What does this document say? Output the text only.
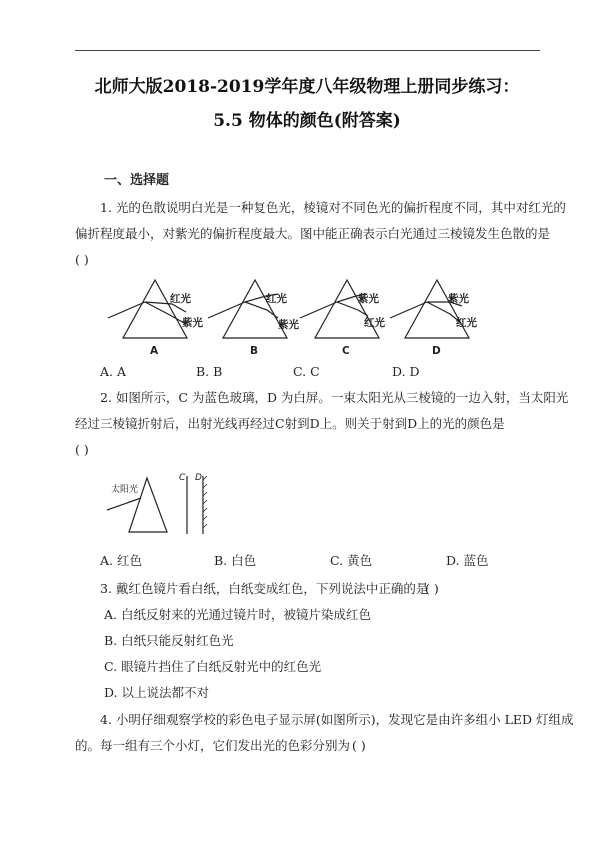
北师大版2018-2019学年度八年级物理上册同步练习：
5.5 物体的颜色(附答案)
一、选择题
1. 光的色散说明白光是一种复色光，棱镜对不同色光的偏折程度不同，其中对红光的
偏折程度最小，对紫光的偏折程度最大。图中能正确表示白光通过三棱镜发生色散的是
( )
红光
紫光
A
红光
紫光
B
紫光
红光
C
紫光
红光
D
A. A	B. B	C. C	D. D
2. 如图所示，C 为蓝色玻璃，D 为白屏。一束太阳光从三棱镜的一边入射，当太阳光
经过三棱镜折射后，出射光线再经过C射到D上。则关于射到D上的光的颜色是
( )
太阳光
C D
A. 红色	B. 白色	C. 黄色	D. 蓝色
3. 戴红色镜片看白纸，白纸变成红色，下列说法中正确的是
( )
A. 白纸反射来的光通过镜片时，被镜片染成红色
B. 白纸只能反射红色光
C. 眼镜片挡住了白纸反射光中的红色光
D. 以上说法都不对
4. 小明仔细观察学校的彩色电子显示屏(如图所示)，发现它是由许多组小 LED 灯组成
的。每一组有三个小灯，它们发出光的色彩分别为 ( )
